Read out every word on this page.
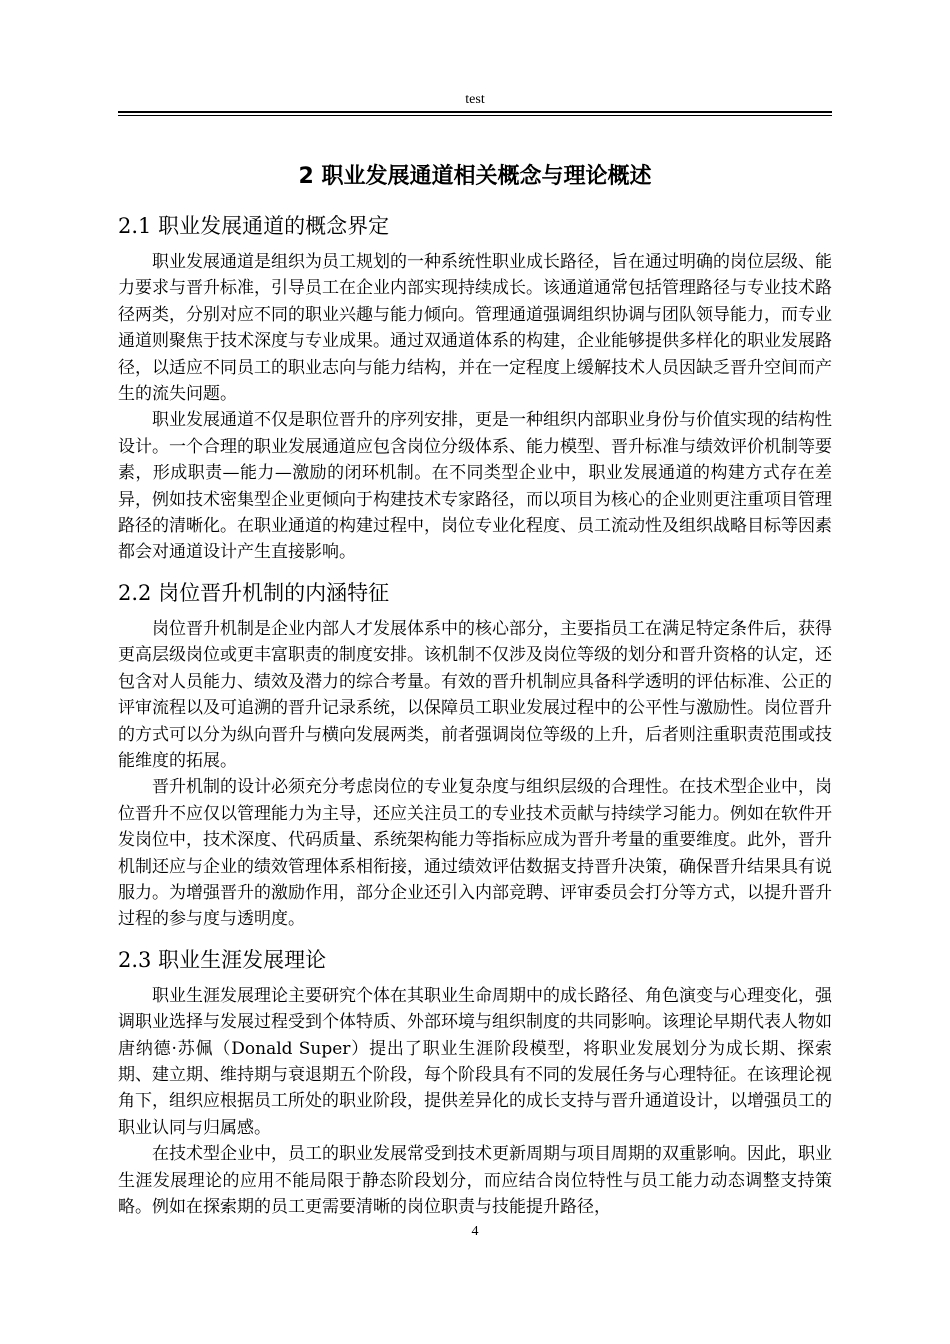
test
2 职业发展通道相关概念与理论概述
2.1 职业发展通道的概念界定

职业发展通道是组织为员工规划的一种系统性职业成长路径，旨在通过明确的岗位层级、能力要求与晋升标准，引导员工在企业内部实现持续成长。该通道通常包括管理路径与专业技术路径两类，分别对应不同的职业兴趣与能力倾向。管理通道强调组织协调与团队领导能力，而专业通道则聚焦于技术深度与专业成果。通过双通道体系的构建，企业能够提供多样化的职业发展路径，以适应不同员工的职业志向与能力结构，并在一定程度上缓解技术人员因缺乏晋升空间而产生的流失问题。

职业发展通道不仅是职位晋升的序列安排，更是一种组织内部职业身份与价值实现的结构性设计。一个合理的职业发展通道应包含岗位分级体系、能力模型、晋升标准与绩效评价机制等要素，形成职责—能力—激励的闭环机制。在不同类型企业中，职业发展通道的构建方式存在差异，例如技术密集型企业更倾向于构建技术专家路径，而以项目为核心的企业则更注重项目管理路径的清晰化。在职业通道的构建过程中，岗位专业化程度、员工流动性及组织战略目标等因素都会对通道设计产生直接影响。

2.2 岗位晋升机制的内涵特征

岗位晋升机制是企业内部人才发展体系中的核心部分，主要指员工在满足特定条件后，获得更高层级岗位或更丰富职责的制度安排。该机制不仅涉及岗位等级的划分和晋升资格的认定，还包含对人员能力、绩效及潜力的综合考量。有效的晋升机制应具备科学透明的评估标准、公正的评审流程以及可追溯的晋升记录系统，以保障员工职业发展过程中的公平性与激励性。岗位晋升的方式可以分为纵向晋升与横向发展两类，前者强调岗位等级的上升，后者则注重职责范围或技能维度的拓展。

晋升机制的设计必须充分考虑岗位的专业复杂度与组织层级的合理性。在技术型企业中，岗位晋升不应仅以管理能力为主导，还应关注员工的专业技术贡献与持续学习能力。例如在软件开发岗位中，技术深度、代码质量、系统架构能力等指标应成为晋升考量的重要维度。此外，晋升机制还应与企业的绩效管理体系相衔接，通过绩效评估数据支持晋升决策，确保晋升结果具有说服力。为增强晋升的激励作用，部分企业还引入内部竞聘、评审委员会打分等方式，以提升晋升过程的参与度与透明度。

2.3 职业生涯发展理论

职业生涯发展理论主要研究个体在其职业生命周期中的成长路径、角色演变与心理变化，强调职业选择与发展过程受到个体特质、外部环境与组织制度的共同影响。该理论早期代表人物如唐纳德·苏佩（Donald Super）提出了职业生涯阶段模型，将职业发展划分为成长期、探索期、建立期、维持期与衰退期五个阶段，每个阶段具有不同的发展任务与心理特征。在该理论视角下，组织应根据员工所处的职业阶段，提供差异化的成长支持与晋升通道设计，以增强员工的职业认同与归属感。

在技术型企业中，员工的职业发展常受到技术更新周期与项目周期的双重影响。因此，职业生涯发展理论的应用不能局限于静态阶段划分，而应结合岗位特性与员工能力动态调整支持策略。例如在探索期的员工更需要清晰的岗位职责与技能提升路径，

4
